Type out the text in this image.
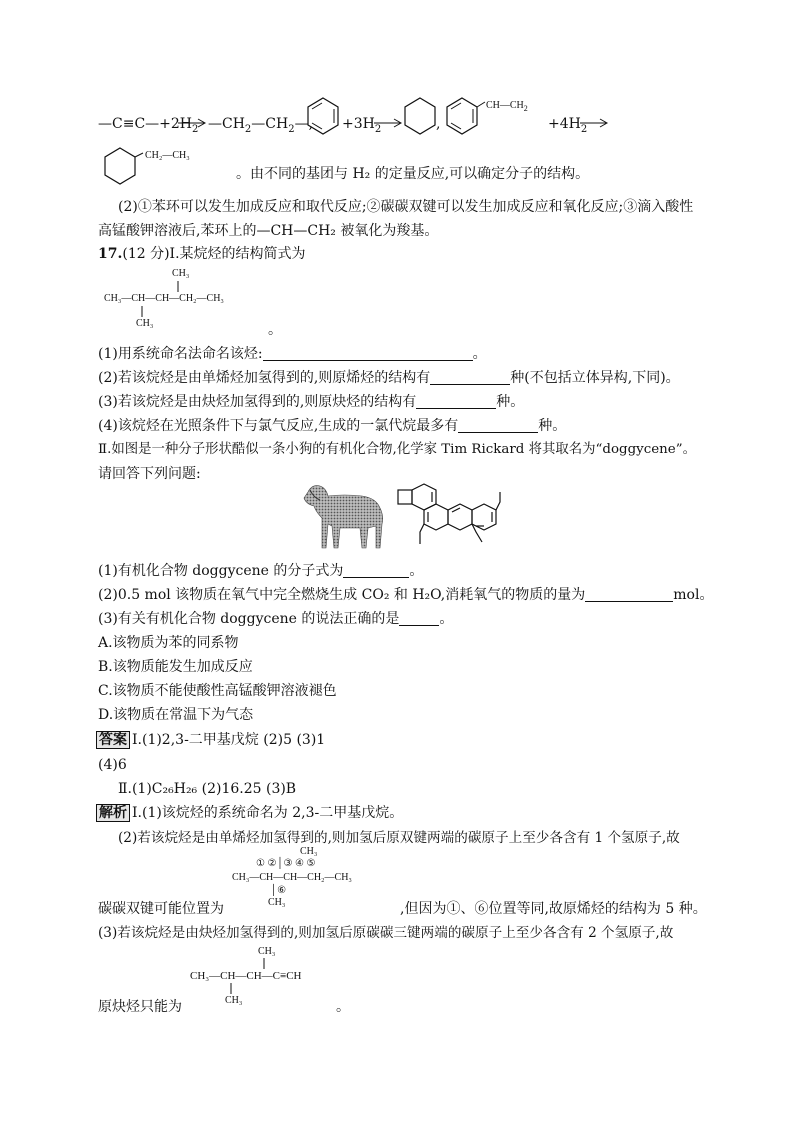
$—C\equiv C—+2H_2$ → $—CH_2—CH_2—$, $+3H_2$	,
$CH—CH_2$
$+4H_2$
CH₂—CH₃
。由不同的基团与 H₂ 的定量反应,可以确定分子的结构。
(2)①苯环可以发生加成反应和取代反应;②碳碳双键可以发生加成反应和氧化反应;③滴入酸性
高锰酸钾溶液后,苯环上的—CH—CH₂ 被氧化为羧基。
17.(12 分)Ⅰ.某烷烃的结构简式为
CH₃
CH₃—CH—CH—CH₂—CH₃
CH₃	。
(1)用系统命名法命名该烃:	。
(2)若该烷烃是由单烯烃加氢得到的,则原烯烃的结构有	种(不包括立体异构,下同)。
(3)若该烷烃是由炔烃加氢得到的,则原炔烃的结构有	种。
(4)该烷烃在光照条件下与氯气反应,生成的一氯代烷最多有	种。
Ⅱ.如图是一种分子形状酷似一条小狗的有机化合物,化学家 Tim Rickard 将其取名为“doggycene”。
请回答下列问题:
(1)有机化合物 doggycene 的分子式为	。
(2)0.5 mol 该物质在氧气中完全燃烧生成 CO₂ 和 H₂O,消耗氧气的物质的量为	mol。
(3)有关有机化合物 doggycene 的说法正确的是	。
A.该物质为苯的同系物
B.该物质能发生加成反应
C.该物质不能使酸性高锰酸钾溶液褪色
D.该物质在常温下为气态
答案 Ⅰ.(1)2,3-二甲基戊烷 (2)5 (3)1
(4)6
Ⅱ.(1)C₂₆H₂₆ (2)16.25 (3)B
解析 Ⅰ.(1)该烷烃的系统命名为 2,3-二甲基戊烷。
(2)若该烷烃是由单烯烃加氢得到的,则加氢后原双键两端的碳原子上至少各含有 1 个氢原子,故
CH₃
① ②│③ ④ ⑤
CH₃—CH—CH—CH₂—CH₃
│⑥
CH₃
碳碳双键可能位置为	,但因为①、⑥位置等同,故原烯烃的结构为 5 种。
(3)若该烷烃是由炔烃加氢得到的,则加氢后原碳碳三键两端的碳原子上至少各含有 2 个氢原子,故
CH₃
CH₃—CH—CH—C≡CH
CH₃
原炔烃只能为	。
